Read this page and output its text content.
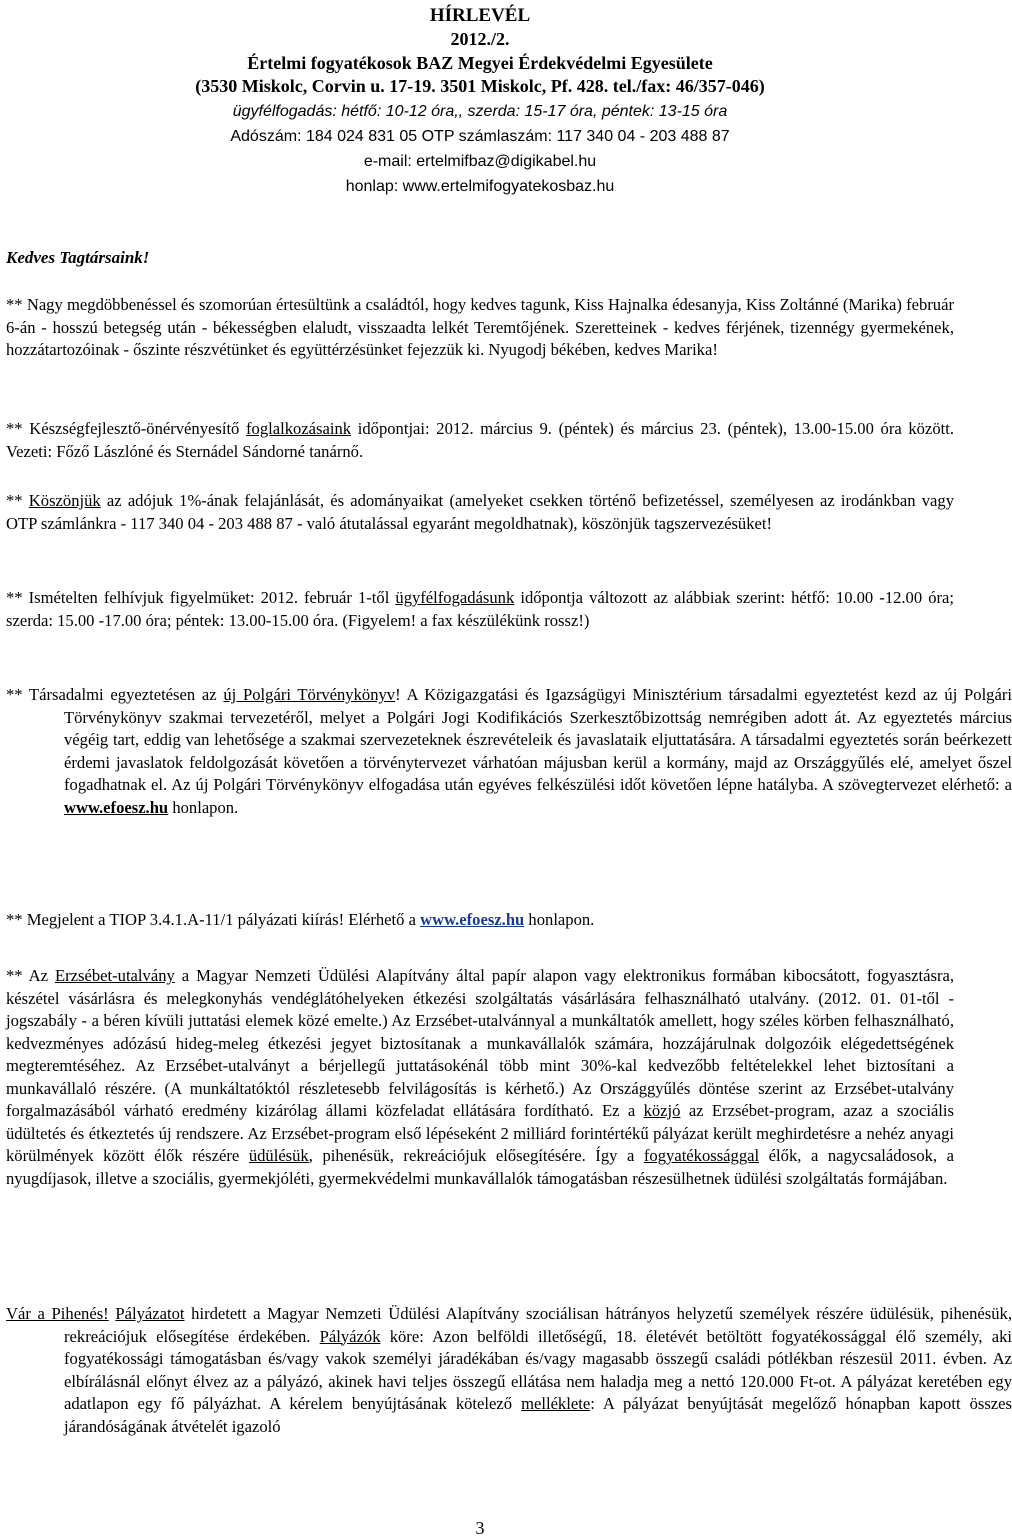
HÍRLEVÉL
2012./2.
Értelmi fogyatékosok BAZ Megyei Érdekvédelmi Egyesülete
(3530 Miskolc, Corvin u. 17-19. 3501 Miskolc, Pf. 428. tel./fax: 46/357-046)
ügyfélfogadás: hétfő: 10-12 óra,, szerda: 15-17 óra, péntek: 13-15 óra
Adószám: 184 024 831 05 OTP számlaszám: 117 340 04 - 203 488 87
e-mail: ertelmifbaz@digikabel.hu
honlap: www.ertelmifogyatekosbaz.hu
Kedves Tagtársaink!

** Nagy megdöbbenéssel és szomorúan értesültünk a családtól, hogy kedves tagunk, Kiss Hajnalka édesanyja, Kiss Zoltánné (Marika) február 6-án - hosszú betegség után - békességben elaludt, visszaadta lelkét Teremtőjének. Szeretteinek - kedves férjének, tizennégy gyermekének, hozzátartozóinak - őszinte részvétünket és együttérzésünket fejezzük ki. Nyugodj békében, kedves Marika!

** Készségfejlesztő-önérvényesítő foglalkozásaink időpontjai: 2012. március 9. (péntek) és március 23. (péntek), 13.00-15.00 óra között. Vezeti: Főző Lászlóné és Sternádel Sándorné tanárnő.

** Köszönjük az adójuk 1%-ának felajánlását, és adományaikat (amelyeket csekken történő befizetéssel, személyesen az irodánkban vagy OTP számlánkra - 117 340 04 - 203 488 87 - való átutalással egyaránt megoldhatnak), köszönjük tagszervezésüket!

** Ismételten felhívjuk figyelmüket: 2012. február 1-től ügyfélfogadásunk időpontja változott az alábbiak szerint: hétfő: 10.00 -12.00 óra; szerda: 15.00 -17.00 óra; péntek: 13.00-15.00 óra. (Figyelem! a fax készülékünk rossz!)

** Társadalmi egyeztetésen az új Polgári Törvénykönyv! A Közigazgatási és Igazságügyi Minisztérium társadalmi egyeztetést kezd az új Polgári Törvénykönyv szakmai tervezetéről, melyet a Polgári Jogi Kodifikációs Szerkesztőbizottság nemrégiben adott át. Az egyeztetés március végéig tart, eddig van lehetősége a szakmai szervezeteknek észrevételeik és javaslataik eljuttatására. A társadalmi egyeztetés során beérkezett érdemi javaslatok feldolgozását követően a törvénytervezet várhatóan májusban kerül a kormány, majd az Országgyűlés elé, amelyet őszel fogadhatnak el. Az új Polgári Törvénykönyv elfogadása után egyéves felkészülési időt követően lépne hatályba. A szövegtervezet elérhető: a www.efoesz.hu honlapon.

** Megjelent a TIOP 3.4.1.A-11/1 pályázati kiírás! Elérhető a www.efoesz.hu honlapon.

** Az Erzsébet-utalvány a Magyar Nemzeti Üdülési Alapítvány által papír alapon vagy elektronikus formában kibocsátott, fogyasztásra, készétel vásárlásra és melegkonyhás vendéglátóhelyeken étkezési szolgáltatás vásárlására felhasználható utalvány. (2012. 01. 01-től - jogszabály - a béren kívüli juttatási elemek közé emelte.) Az Erzsébet-utalvánnyal a munkáltatók amellett, hogy széles körben felhasználható, kedvezményes adózású hideg-meleg étkezési jegyet biztosítanak a munkavállalók számára, hozzájárulnak dolgozóik elégedettségének megteremtéséhez. Az Erzsébet-utalványt a bérjellegű juttatásokénál több mint 30%-kal kedvezőbb feltételekkel lehet biztosítani a munkavállaló részére. (A munkáltatóktól részletesebb felvilágosítás is kérhető.) Az Országgyűlés döntése szerint az Erzsébet-utalvány forgalmazásából várható eredmény kizárólag állami közfeladat ellátására fordítható. Ez a közjó az Erzsébet-program, azaz a szociális üdültetés és étkeztetés új rendszere. Az Erzsébet-program első lépéseként 2 milliárd forintértékű pályázat került meghirdetésre a nehéz anyagi körülmények között élők részére üdülésük, pihenésük, rekreációjuk elősegítésére. Így a fogyatékossággal élők, a nagycsaládosok, a nyugdíjasok, illetve a szociális, gyermekjóléti, gyermekvédelmi munkavállalók támogatásban részesülhetnek üdülési szolgáltatás formájában.

Vár a Pihenés! Pályázatot hirdetett a Magyar Nemzeti Üdülési Alapítvány szociálisan hátrányos helyzetű személyek részére üdülésük, pihenésük, rekreációjuk elősegítése érdekében. Pályázók köre: Azon belföldi illetőségű, 18. életévét betöltött fogyatékossággal élő személy, aki fogyatékossági támogatásban és/vagy vakok személyi járadékában és/vagy magasabb összegű családi pótlékban részesül 2011. évben. Az elbírálásnál előnyt élvez az a pályázó, akinek havi teljes összegű ellátása nem haladja meg a nettó 120.000 Ft-ot. A pályázat keretében egy adatlapon egy fő pályázhat. A kérelem benyújtásának kötelező melléklete: A pályázat benyújtását megelőző hónapban kapott összes járandóságának átvételét igazoló

3
